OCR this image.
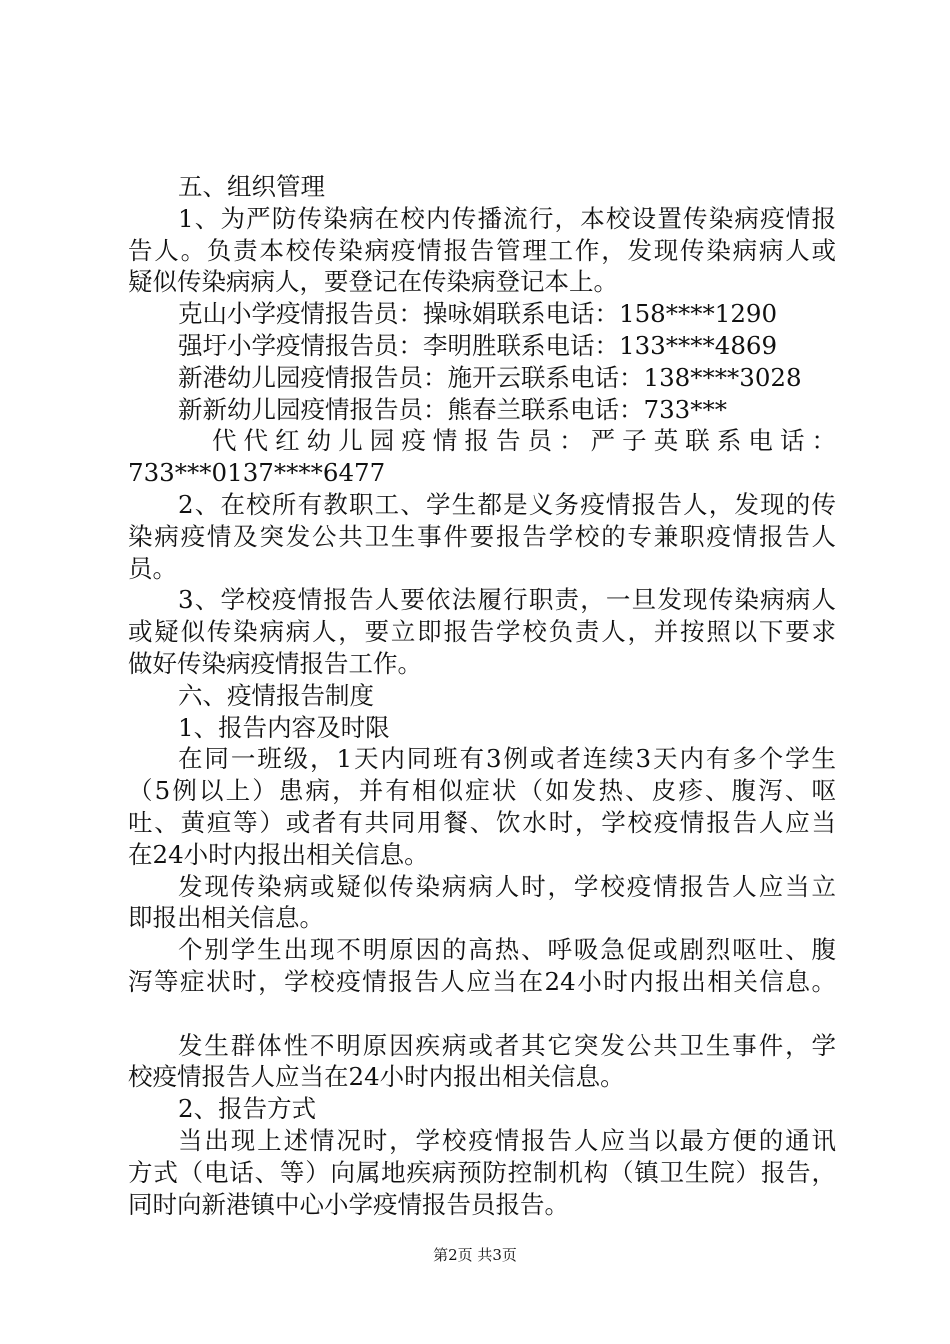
五、组织管理

1、为严防传染病在校内传播流行，本校设置传染病疫情报

告人。负责本校传染病疫情报告管理工作，发现传染病病人或

疑似传染病病人，要登记在传染病登记本上。

克山小学疫情报告员：操咏娟联系电话：158****1290

强圩小学疫情报告员：李明胜联系电话：133****4869

新港幼儿园疫情报告员：施开云联系电话：138****3028

新新幼儿园疫情报告员：熊春兰联系电话：733***

代代红幼儿园疫情报告员：严子英联系电话：

733***0137****6477

2、在校所有教职工、学生都是义务疫情报告人，发现的传

染病疫情及突发公共卫生事件要报告学校的专兼职疫情报告人

员。

3、学校疫情报告人要依法履行职责，一旦发现传染病病人

或疑似传染病病人，要立即报告学校负责人，并按照以下要求

做好传染病疫情报告工作。

六、疫情报告制度

1、报告内容及时限

在同一班级，1天内同班有3例或者连续3天内有多个学生

（5例以上）患病，并有相似症状（如发热、皮疹、腹泻、呕

吐、黄疸等）或者有共同用餐、饮水时，学校疫情报告人应当

在24小时内报出相关信息。

发现传染病或疑似传染病病人时，学校疫情报告人应当立

即报出相关信息。

个别学生出现不明原因的高热、呼吸急促或剧烈呕吐、腹

泻等症状时，学校疫情报告人应当在24小时内报出相关信息。

发生群体性不明原因疾病或者其它突发公共卫生事件，学

校疫情报告人应当在24小时内报出相关信息。

2、报告方式

当出现上述情况时，学校疫情报告人应当以最方便的通讯

方式（电话、等）向属地疾病预防控制机构（镇卫生院）报告，

同时向新港镇中心小学疫情报告员报告。

第2页 共3页
